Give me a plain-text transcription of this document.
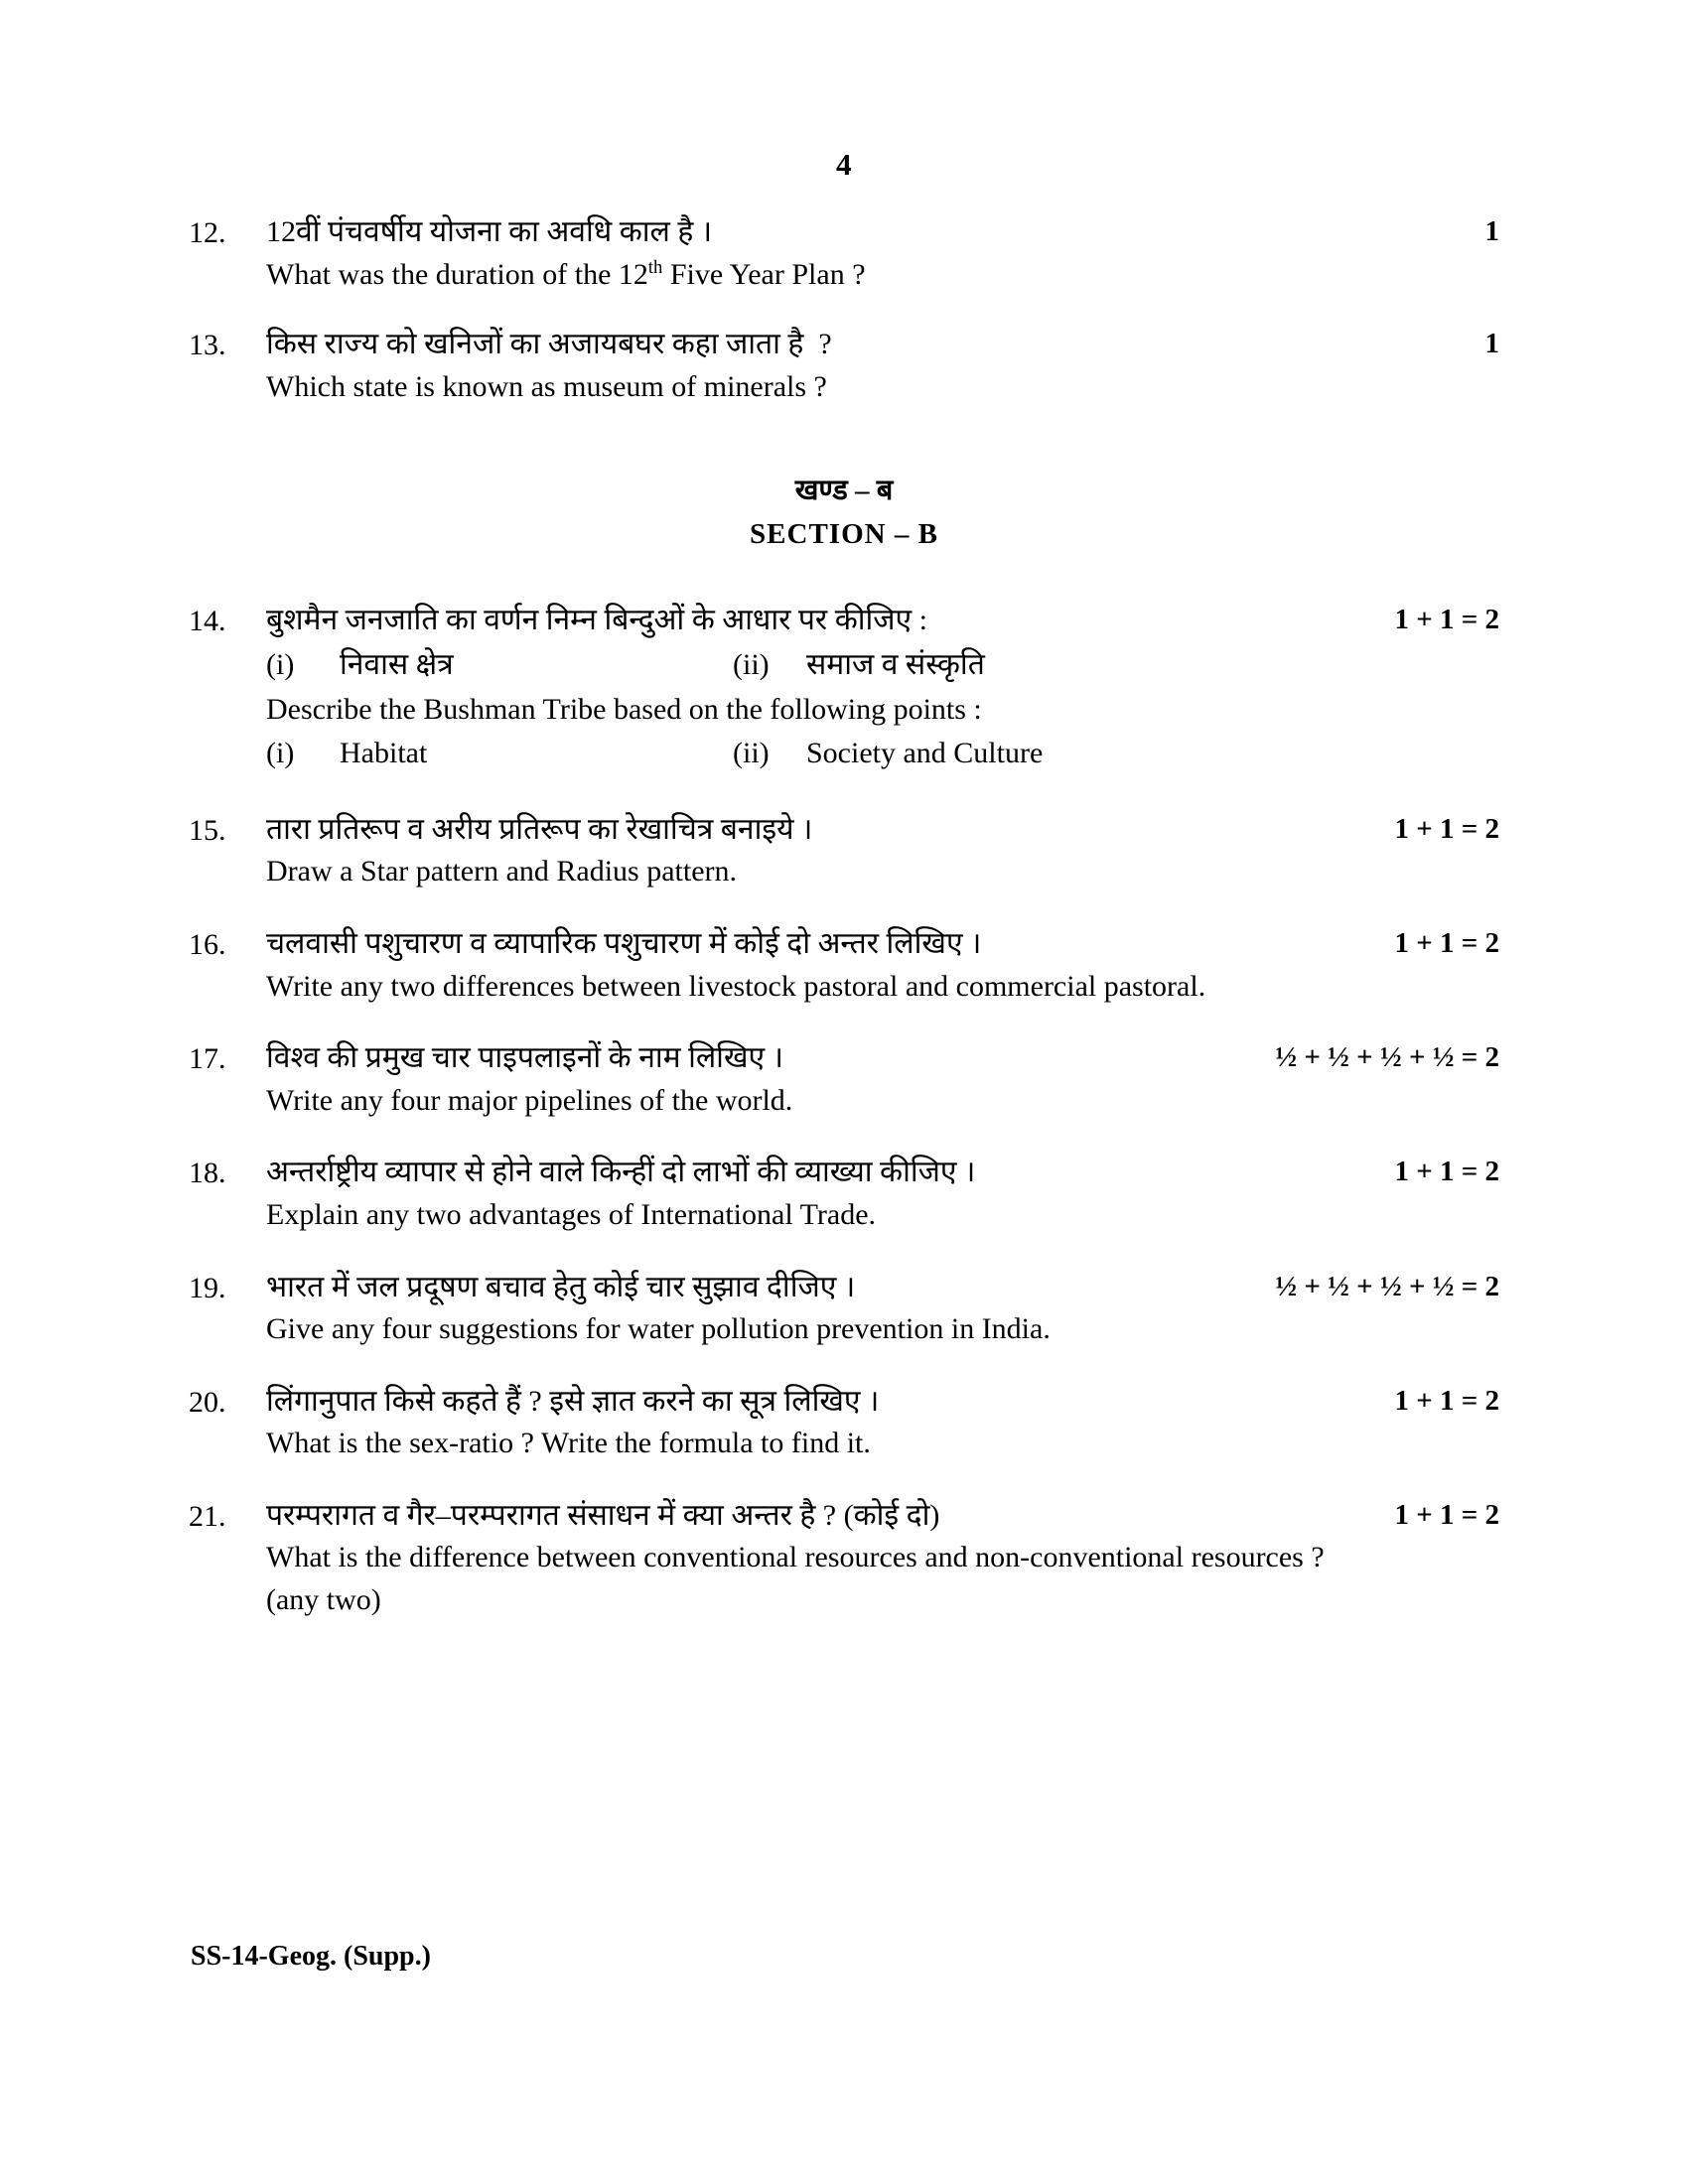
4
12.	12वीं पंचवर्षीय योजना का अवधि काल है ।
What was the duration of the 12th Five Year Plan ?
1
13.	किस राज्य को खनिजों का अजायबघर कहा जाता है  ?
Which state is known as museum of minerals ?
1
खण्ड – ब
SECTION – B
14.	बुशमैन जनजाति का वर्णन निम्न बिन्दुओं के आधार पर कीजिए :
(i)	निवास क्षेत्र	(ii)	समाज व संस्कृति
Describe the Bushman Tribe based on the following points :
(i)	Habitat	(ii)	Society and Culture
1 + 1 = 2
15.	तारा प्रतिरूप व अरीय प्रतिरूप का रेखाचित्र बनाइये ।
Draw a Star pattern and Radius pattern.
1 + 1 = 2
16.	चलवासी पशुचारण व व्यापारिक पशुचारण में कोई दो अन्तर लिखिए ।
Write any two differences between livestock pastoral and commercial pastoral.
1 + 1 = 2
17.	विश्व की प्रमुख चार पाइपलाइनों के नाम लिखिए ।
Write any four major pipelines of the world.
½ + ½ + ½ + ½ = 2
18.	अन्तर्राष्ट्रीय व्यापार से होने वाले किन्हीं दो लाभों की व्याख्या कीजिए ।
Explain any two advantages of International Trade.
1 + 1 = 2
19.	भारत में जल प्रदूषण बचाव हेतु कोई चार सुझाव दीजिए ।
Give any four suggestions for water pollution prevention in India.
½ + ½ + ½ + ½ = 2
20.	लिंगानुपात किसे कहते हैं ? इसे ज्ञात करने का सूत्र लिखिए ।
What is the sex-ratio ? Write the formula to find it.
1 + 1 = 2
21.	परम्परागत व गैर–परम्परागत संसाधन में क्या अन्तर है ? (कोई दो)
What is the difference between conventional resources and non-conventional resources ? (any two)
1 + 1 = 2
SS-14-Geog. (Supp.)
